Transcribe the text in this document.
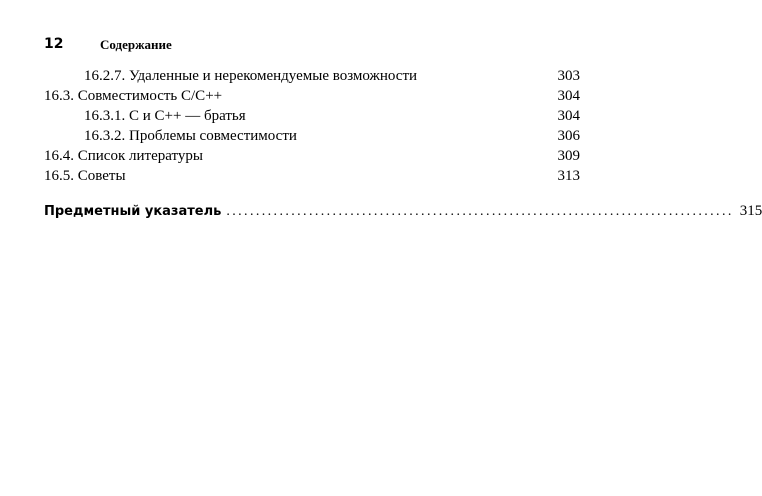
12	Содержание
16.2.7. Удаленные и нерекомендуемые возможности	303
16.3. Совместимость С/С++	304
16.3.1. С и С++ — братья	304
16.3.2. Проблемы совместимости	306
16.4. Список литературы	309
16.5. Советы	313
Предметный указатель ...................................................................................... 315
